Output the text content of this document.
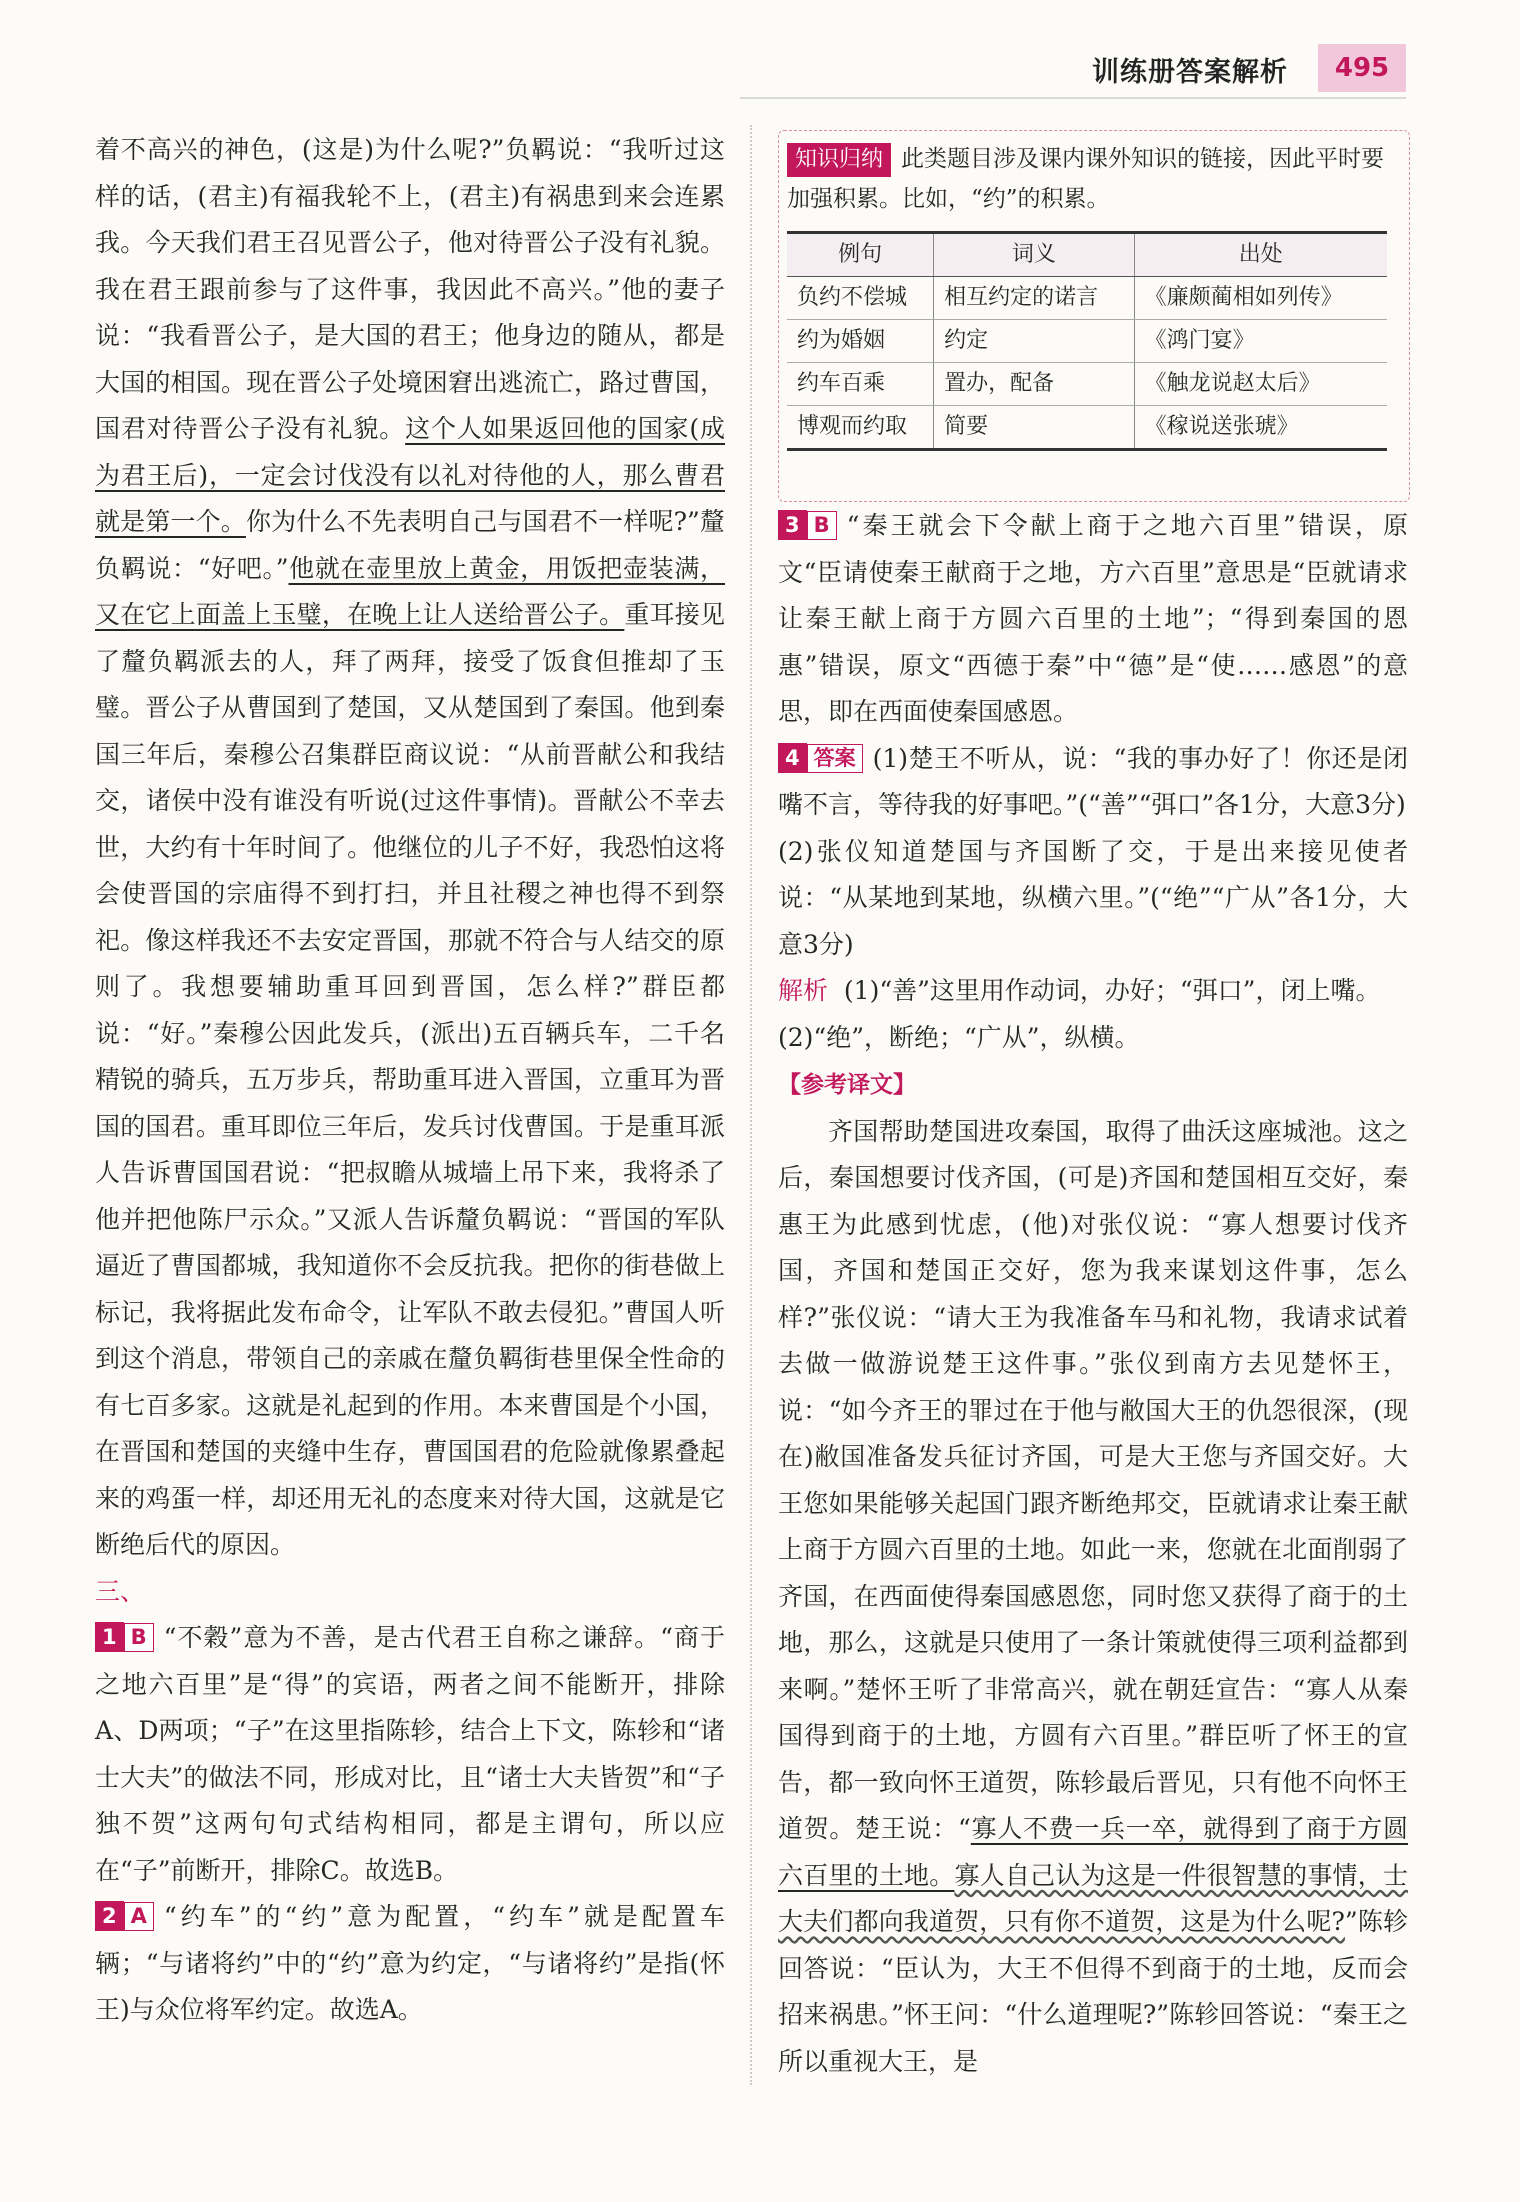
训练册答案解析	495

着不高兴的神色，(这是)为什么呢?”负羁说：“我听过这样的话，(君主)有福我轮不上，(君主)有祸患到来会连累我。今天我们君王召见晋公子，他对待晋公子没有礼貌。我在君王跟前参与了这件事，我因此不高兴。”他的妻子说：“我看晋公子，是大国的君王；他身边的随从，都是大国的相国。现在晋公子处境困窘出逃流亡，路过曹国，国君对待晋公子没有礼貌。这个人如果返回他的国家(成为君王后)，一定会讨伐没有以礼对待他的人，那么曹君就是第一个。你为什么不先表明自己与国君不一样呢?”釐负羁说：“好吧。”他就在壶里放上黄金，用饭把壶装满，又在它上面盖上玉璧，在晚上让人送给晋公子。重耳接见了釐负羁派去的人，拜了两拜，接受了饭食但推却了玉璧。晋公子从曹国到了楚国，又从楚国到了秦国。他到秦国三年后，秦穆公召集群臣商议说：“从前晋献公和我结交，诸侯中没有谁没有听说(过这件事情)。晋献公不幸去世，大约有十年时间了。他继位的儿子不好，我恐怕这将会使晋国的宗庙得不到打扫，并且社稷之神也得不到祭祀。像这样我还不去安定晋国，那就不符合与人结交的原则了。我想要辅助重耳回到晋国，怎么样?”群臣都说：“好。”秦穆公因此发兵，(派出)五百辆兵车，二千名精锐的骑兵，五万步兵，帮助重耳进入晋国，立重耳为晋国的国君。重耳即位三年后，发兵讨伐曹国。于是重耳派人告诉曹国国君说：“把叔瞻从城墙上吊下来，我将杀了他并把他陈尸示众。”又派人告诉釐负羁说：“晋国的军队逼近了曹国都城，我知道你不会反抗我。把你的街巷做上标记，我将据此发布命令，让军队不敢去侵犯。”曹国人听到这个消息，带领自己的亲戚在釐负羁街巷里保全性命的有七百多家。这就是礼起到的作用。本来曹国是个小国，在晋国和楚国的夹缝中生存，曹国国君的危险就像累叠起来的鸡蛋一样，却还用无礼的态度来对待大国，这就是它断绝后代的原因。

三、

1 B “不穀”意为不善，是古代君王自称之谦辞。“商于之地六百里”是“得”的宾语，两者之间不能断开，排除A、D两项；“子”在这里指陈轸，结合上下文，陈轸和“诸士大夫”的做法不同，形成对比，且“诸士大夫皆贺”和“子独不贺”这两句句式结构相同，都是主谓句，所以应在“子”前断开，排除C。故选B。

2 A “约车”的“约”意为配置，“约车”就是配置车辆；“与诸将约”中的“约”意为约定，“与诸将约”是指(怀王)与众位将军约定。故选A。

知识归纳 此类题目涉及课内课外知识的链接，因此平时要加强积累。比如，“约”的积累。
例句	词义	出处
负约不偿城	相互约定的诺言	《廉颇蔺相如列传》
约为婚姻	约定	《鸿门宴》
约车百乘	置办，配备	《触龙说赵太后》
博观而约取	简要	《稼说送张琥》

3 B “秦王就会下令献上商于之地六百里”错误，原文“臣请使秦王献商于之地，方六百里”意思是“臣就请求让秦王献上商于方圆六百里的土地”；“得到秦国的恩惠”错误，原文“西德于秦”中“德”是“使……感恩”的意思，即在西面使秦国感恩。

4 答案 (1)楚王不听从，说：“我的事办好了！你还是闭嘴不言，等待我的好事吧。”(“善”“弭口”各1分，大意3分)

(2)张仪知道楚国与齐国断了交，于是出来接见使者说：“从某地到某地，纵横六里。”(“绝”“广从”各1分，大意3分)

解析 (1)“善”这里用作动词，办好；“弭口”，闭上嘴。

(2)“绝”，断绝；“广从”，纵横。

【参考译文】

齐国帮助楚国进攻秦国，取得了曲沃这座城池。这之后，秦国想要讨伐齐国，(可是)齐国和楚国相互交好，秦惠王为此感到忧虑，(他)对张仪说：“寡人想要讨伐齐国，齐国和楚国正交好，您为我来谋划这件事，怎么样?”张仪说：“请大王为我准备车马和礼物，我请求试着去做一做游说楚王这件事。”张仪到南方去见楚怀王，说：“如今齐王的罪过在于他与敝国大王的仇怨很深，(现在)敝国准备发兵征讨齐国，可是大王您与齐国交好。大王您如果能够关起国门跟齐断绝邦交，臣就请求让秦王献上商于方圆六百里的土地。如此一来，您就在北面削弱了齐国，在西面使得秦国感恩您，同时您又获得了商于的土地，那么，这就是只使用了一条计策就使得三项利益都到来啊。”楚怀王听了非常高兴，就在朝廷宣告：“寡人从秦国得到商于的土地，方圆有六百里。”群臣听了怀王的宣告，都一致向怀王道贺，陈轸最后晋见，只有他不向怀王道贺。楚王说：“寡人不费一兵一卒，就得到了商于方圆六百里的土地。寡人自己认为这是一件很智慧的事情，士大夫们都向我道贺，只有你不道贺，这是为什么呢?”陈轸回答说：“臣认为，大王不但得不到商于的土地，反而会招来祸患。”怀王问：“什么道理呢?”陈轸回答说：“秦王之所以重视大王，是
